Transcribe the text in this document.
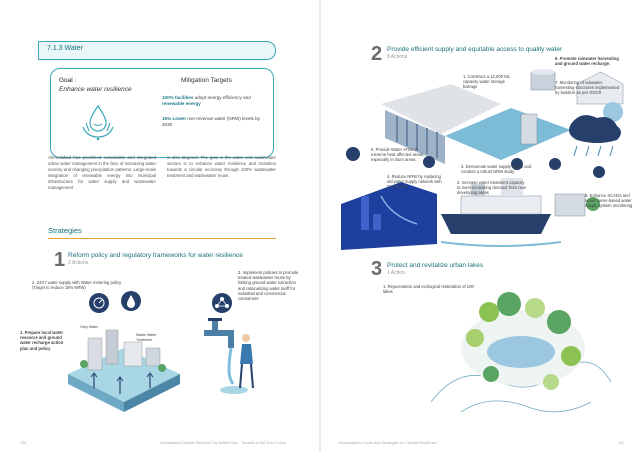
7.1.3 Water
Goal :
Enhance water resilience
Mitigation Targets
100% facilities adopt energy efficiency and
renewable energy
15% Lower non-revenue water (NRW) levels by 2030
Ahmedabad has prioritized sustainable and integrated urban water management in the face of increasing water scarcity and changing precipitation patterns. Large-scale integration of renewable energy into municipal infrastructure for water supply and wastewater management
is also targeted. The goal in the water and wastewater sectors is to enhance water resilience and transition towards a circular economy through 100% wastewater treatment and wastewater reuse.
Strategies
1 Reform policy and regulatory frameworks for water resilience
3 Actions
2. 24X7 water supply with Water metering policy (Target to reduce 15% NRW)
3. Implement policies to promote treated wastewater reuse by limiting ground water extraction and rationalizing water tariff for industrial and commercial consumers
1. Prepare local water resource and ground water recharge action plan and policy
Grey Water
Waste Water Treatment
136	Ahmedabad Climate Resilient City Action Plan - Towards a Net Zero Future
2 Provide efficient supply and equitable access to quality water
8 Actions
1. Construct a 12,000 ML capacity water storage barrage
6. Promote rainwater harvesting and ground water recharge.
7. Monitoring of rainwater harvesting structures implemented by builders as per GDCR
5. Provide Water ATMs in extreme heat affected areas, especially in slum areas.
4. Reduce NRW by replacing old water supply network with DI network
3. Demarcate water supply zones and conduct a robust NRW study
2. Increase water treatment capacity to meet increasing demand from new developing areas
8. Enhance SCADA and smart meter-based water supply system monitoring
3 Protect and revitalize urban lakes
1 Action
1. Rejuvenation and ecological restoration of 100 lakes
Ahmedabad's Goals and Strategies for Climate Resilience	137
